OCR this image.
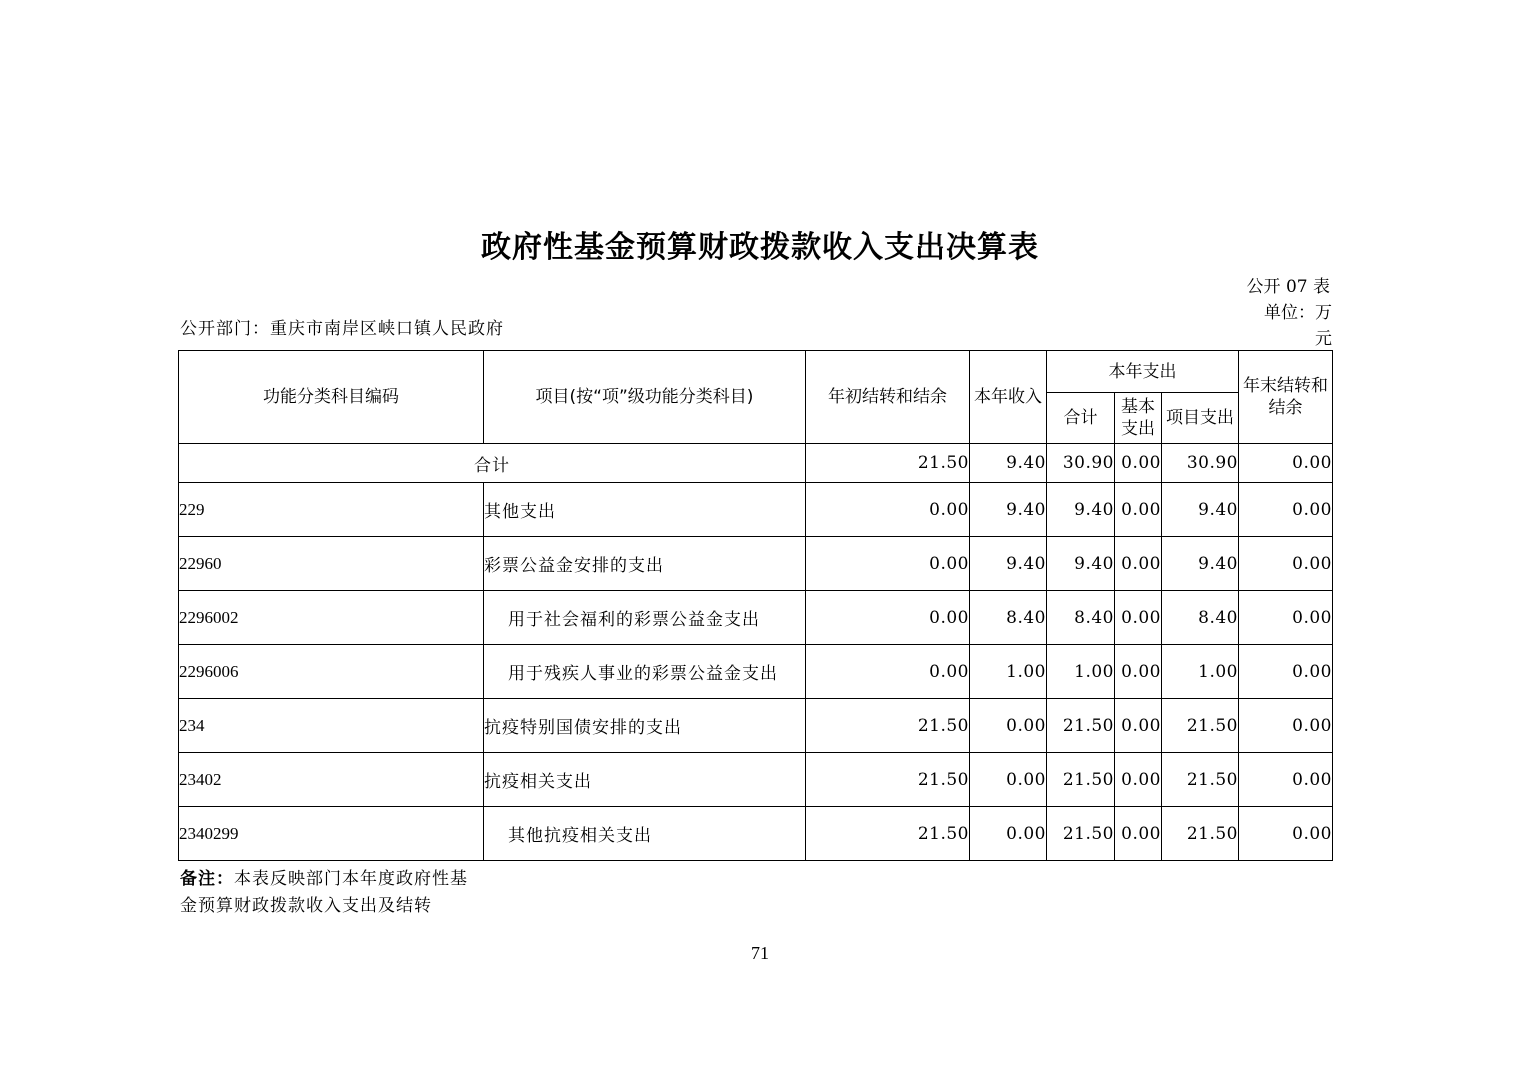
政府性基金预算财政拨款收入支出决算表
公开 07 表
单位：万元
公开部门：重庆市南岸区峡口镇人民政府
功能分类科目编码	项目(按“项”级功能分类科目)	年初结转和结余	本年收入	本年支出			年末结转和结余
				合计	基本支出	项目支出	
合计		21.50	9.40	30.90	0.00	30.90	0.00
229	其他支出	0.00	9.40	9.40	0.00	9.40	0.00
22960	彩票公益金安排的支出	0.00	9.40	9.40	0.00	9.40	0.00
2296002	用于社会福利的彩票公益金支出	0.00	8.40	8.40	0.00	8.40	0.00
2296006	用于残疾人事业的彩票公益金支出	0.00	1.00	1.00	0.00	1.00	0.00
234	抗疫特别国债安排的支出	21.50	0.00	21.50	0.00	21.50	0.00
23402	抗疫相关支出	21.50	0.00	21.50	0.00	21.50	0.00
2340299	其他抗疫相关支出	21.50	0.00	21.50	0.00	21.50	0.00
备注：本表反映部门本年度政府性基金预算财政拨款收入支出及结转
71
